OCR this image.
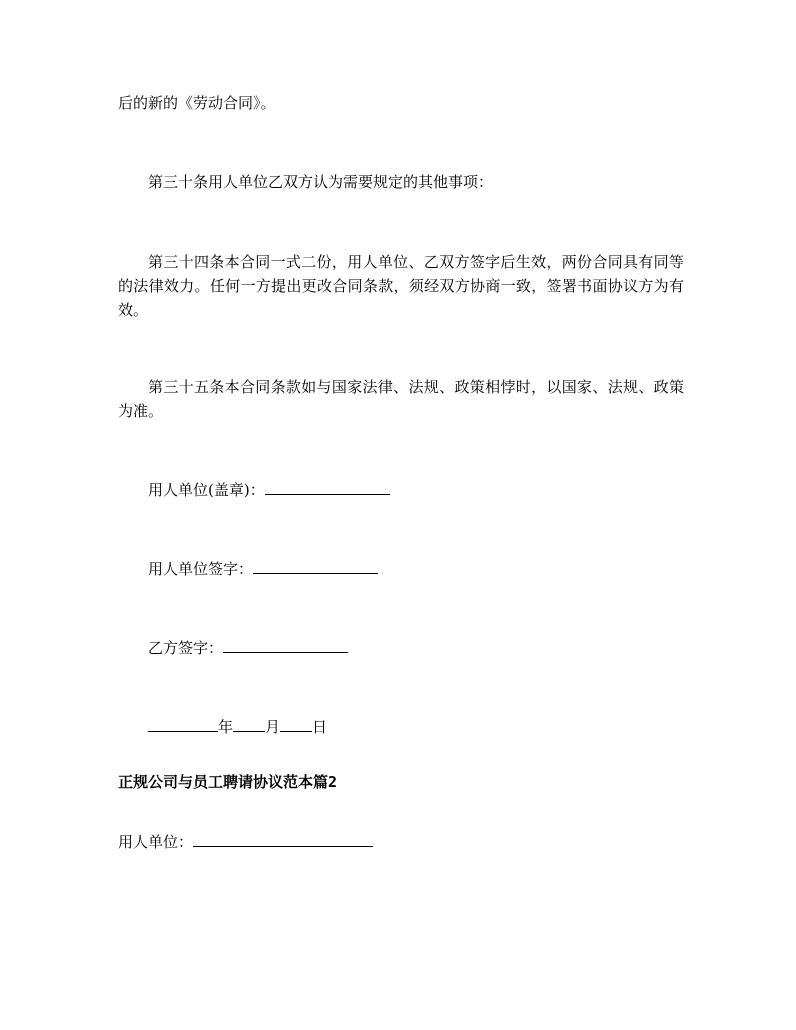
后的新的《劳动合同》。
第三十条用人单位乙双方认为需要规定的其他事项：
第三十四条本合同一式二份，用人单位、乙双方签字后生效，两份合同具有同等的法律效力。任何一方提出更改合同条款，须经双方协商一致，签署书面协议方为有效。
第三十五条本合同条款如与国家法律、法规、政策相悖时，以国家、法规、政策为准。
用人单位(盖章)：
用人单位签字：
乙方签字：
年 月 日
正规公司与员工聘请协议范本篇2
用人单位：
